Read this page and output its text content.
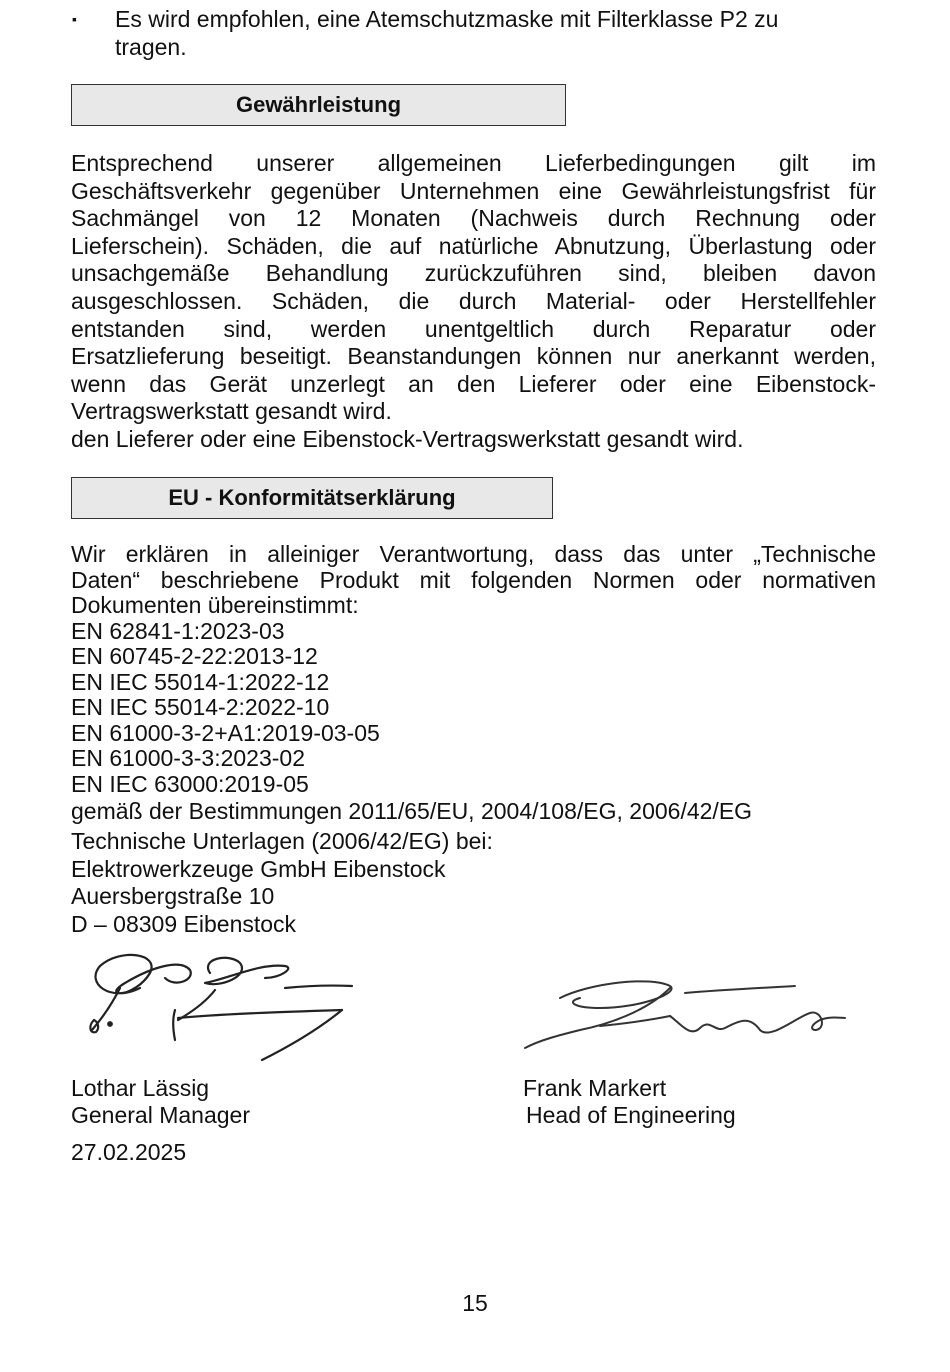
▪ Es wird empfohlen, eine Atemschutzmaske mit Filterklasse P2 zu tragen.
Gewährleistung
Entsprechend unserer allgemeinen Lieferbedingungen gilt im
Geschäftsverkehr gegenüber Unternehmen eine Gewährleistungsfrist für
Sachmängel von 12 Monaten (Nachweis durch Rechnung oder
Lieferschein). Schäden, die auf natürliche Abnutzung, Überlastung oder
unsachgemäße Behandlung zurückzuführen sind, bleiben davon
ausgeschlossen. Schäden, die durch Material- oder Herstellfehler
entstanden sind, werden unentgeltlich durch Reparatur oder
Ersatzlieferung beseitigt. Beanstandungen können nur anerkannt werden,
wenn das Gerät unzerlegt an den Lieferer oder eine Eibenstock-
Vertragswerkstatt gesandt wird.
den Lieferer oder eine Eibenstock-Vertragswerkstatt gesandt wird.
EU - Konformitätserklärung
Wir erklären in alleiniger Verantwortung, dass das unter „Technische
Daten“ beschriebene Produkt mit folgenden Normen oder normativen
Dokumenten übereinstimmt:
EN 62841-1:2023-03
EN 60745-2-22:2013-12
EN IEC 55014-1:2022-12
EN IEC 55014-2:2022-10
EN 61000-3-2+A1:2019-03-05
EN 61000-3-3:2023-02
EN IEC 63000:2019-05
gemäß der Bestimmungen 2011/65/EU, 2004/108/EG, 2006/42/EG
Technische Unterlagen (2006/42/EG) bei:
Elektrowerkzeuge GmbH Eibenstock
Auersbergstraße 10
D – 08309 Eibenstock
Lothar Lässig
General Manager
Frank Markert
Head of Engineering
27.02.2025
15
